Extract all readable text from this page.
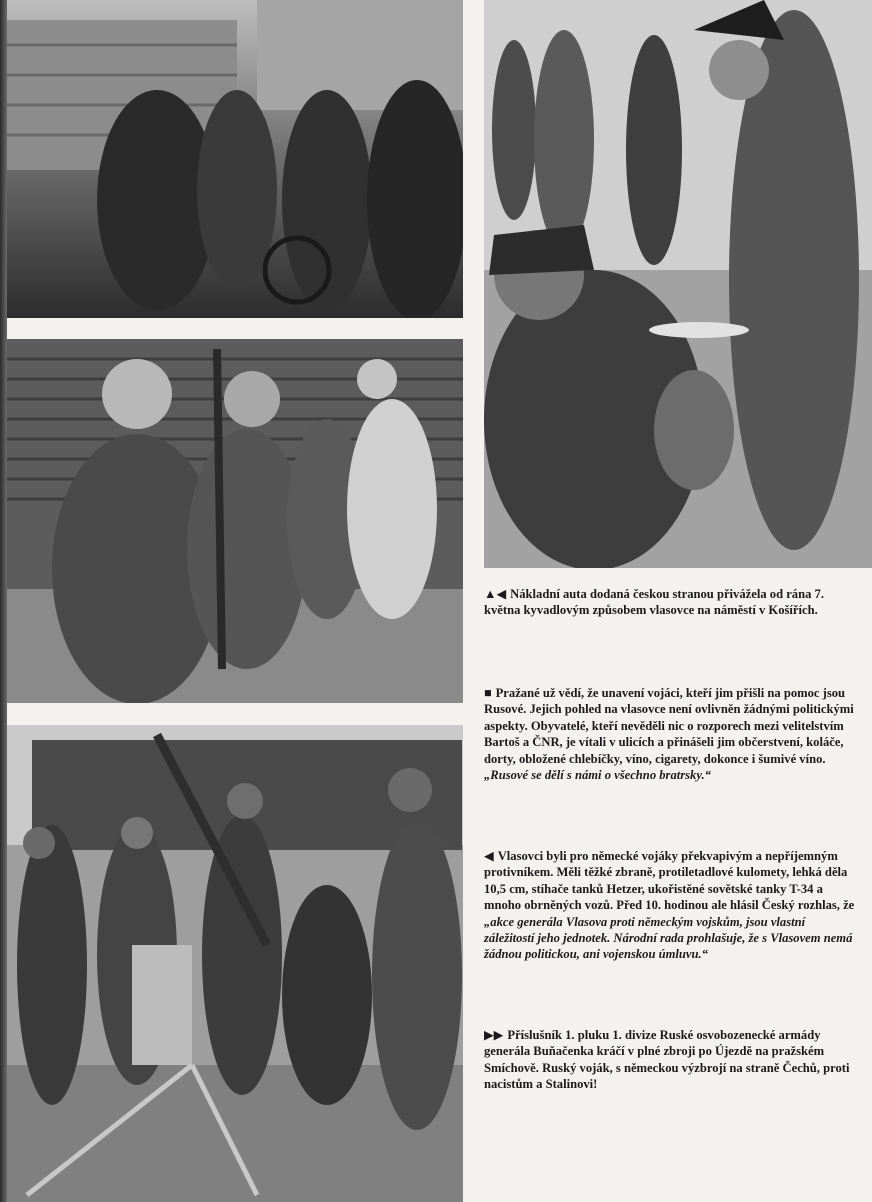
▲◀ Nákladní auta dodaná českou stranou přivážela od rána 7. května kyvadlovým způsobem vlasovce na náměstí v Košířích.

■ Pražané už vědí, že unavení vojáci, kteří jim přišli na pomoc jsou Rusové. Jejich pohled na vlasovce není ovlivněn žádnými politickými aspekty. Obyvatelé, kteří nevěděli nic o rozporech mezi velitelstvím Bartoš a ČNR, je vítali v ulicích a přinášeli jim občerstvení, koláče, dorty, obložené chlebíčky, víno, cigarety, dokonce i šumivé víno. „Rusové se dělí s námi o všechno bratrsky.“

◀ Vlasovci byli pro německé vojáky překvapivým a nepříjemným protivníkem. Měli těžké zbraně, protiletadlové kulomety, lehká děla 10,5 cm, stíhače tanků Hetzer, ukořistěné sovětské tanky T-34 a mnoho obrněných vozů. Před 10. hodinou ale hlásil Český rozhlas, že „akce generála Vlasova proti německým vojskům, jsou vlastní záležitostí jeho jednotek. Národní rada prohlašuje, že s Vlasovem nemá žádnou politickou, ani vojenskou úmluvu.“

▶▶ Příslušník 1. pluku 1. divize Ruské osvobozenecké armády generála Buňačenka kráčí v plné zbroji po Újezdě na pražském Smíchově. Ruský voják, s německou výzbrojí na straně Čechů, proti nacistům a Stalinovi!
